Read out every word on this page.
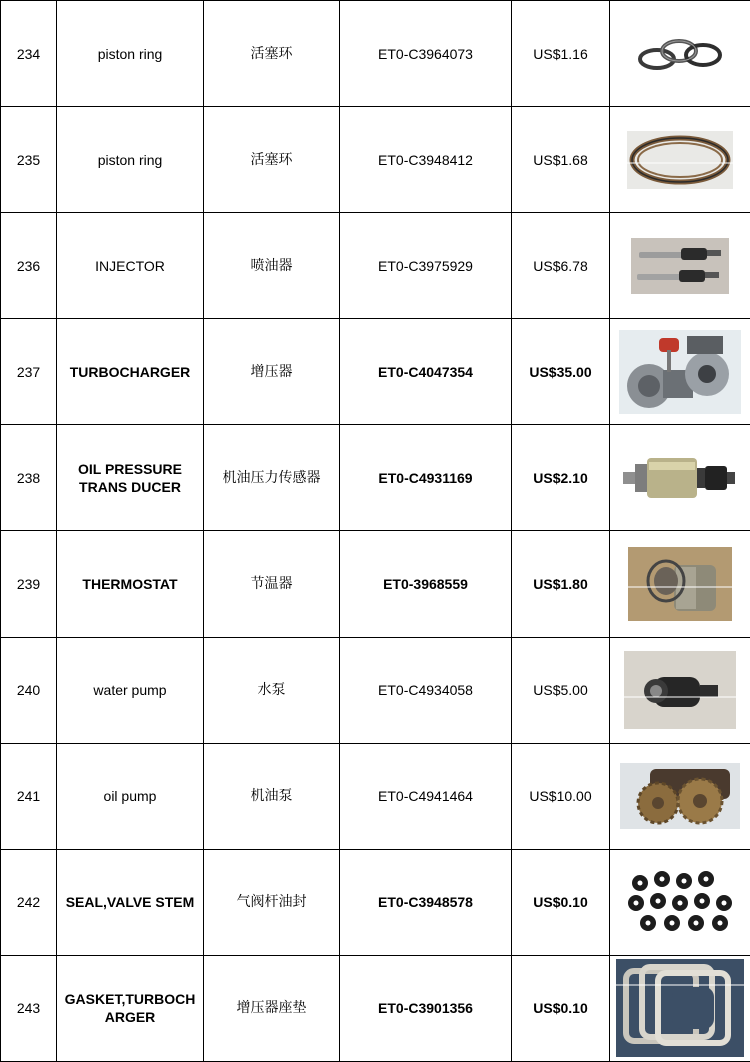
234	piston ring	活塞环	ET0-C3964073	US$1.16	

235	piston ring	活塞环	ET0-C3948412	US$1.68	

236	INJECTOR	喷油器	ET0-C3975929	US$6.78	

237	TURBOCHARGER	增压器	ET0-C4047354	US$35.00	

238	OIL PRESSURE TRANS DUCER	机油压力传感器	ET0-C4931169	US$2.10	

239	THERMOSTAT	节温器	ET0-3968559	US$1.80	

240	water pump	水泵	ET0-C4934058	US$5.00	

241	oil pump	机油泵	ET0-C4941464	US$10.00	

242	SEAL,VALVE STEM	气阀杆油封	ET0-C3948578	US$0.10	

243	GASKET,TURBOCH ARGER	增压器座垫	ET0-C3901356	US$0.10	
